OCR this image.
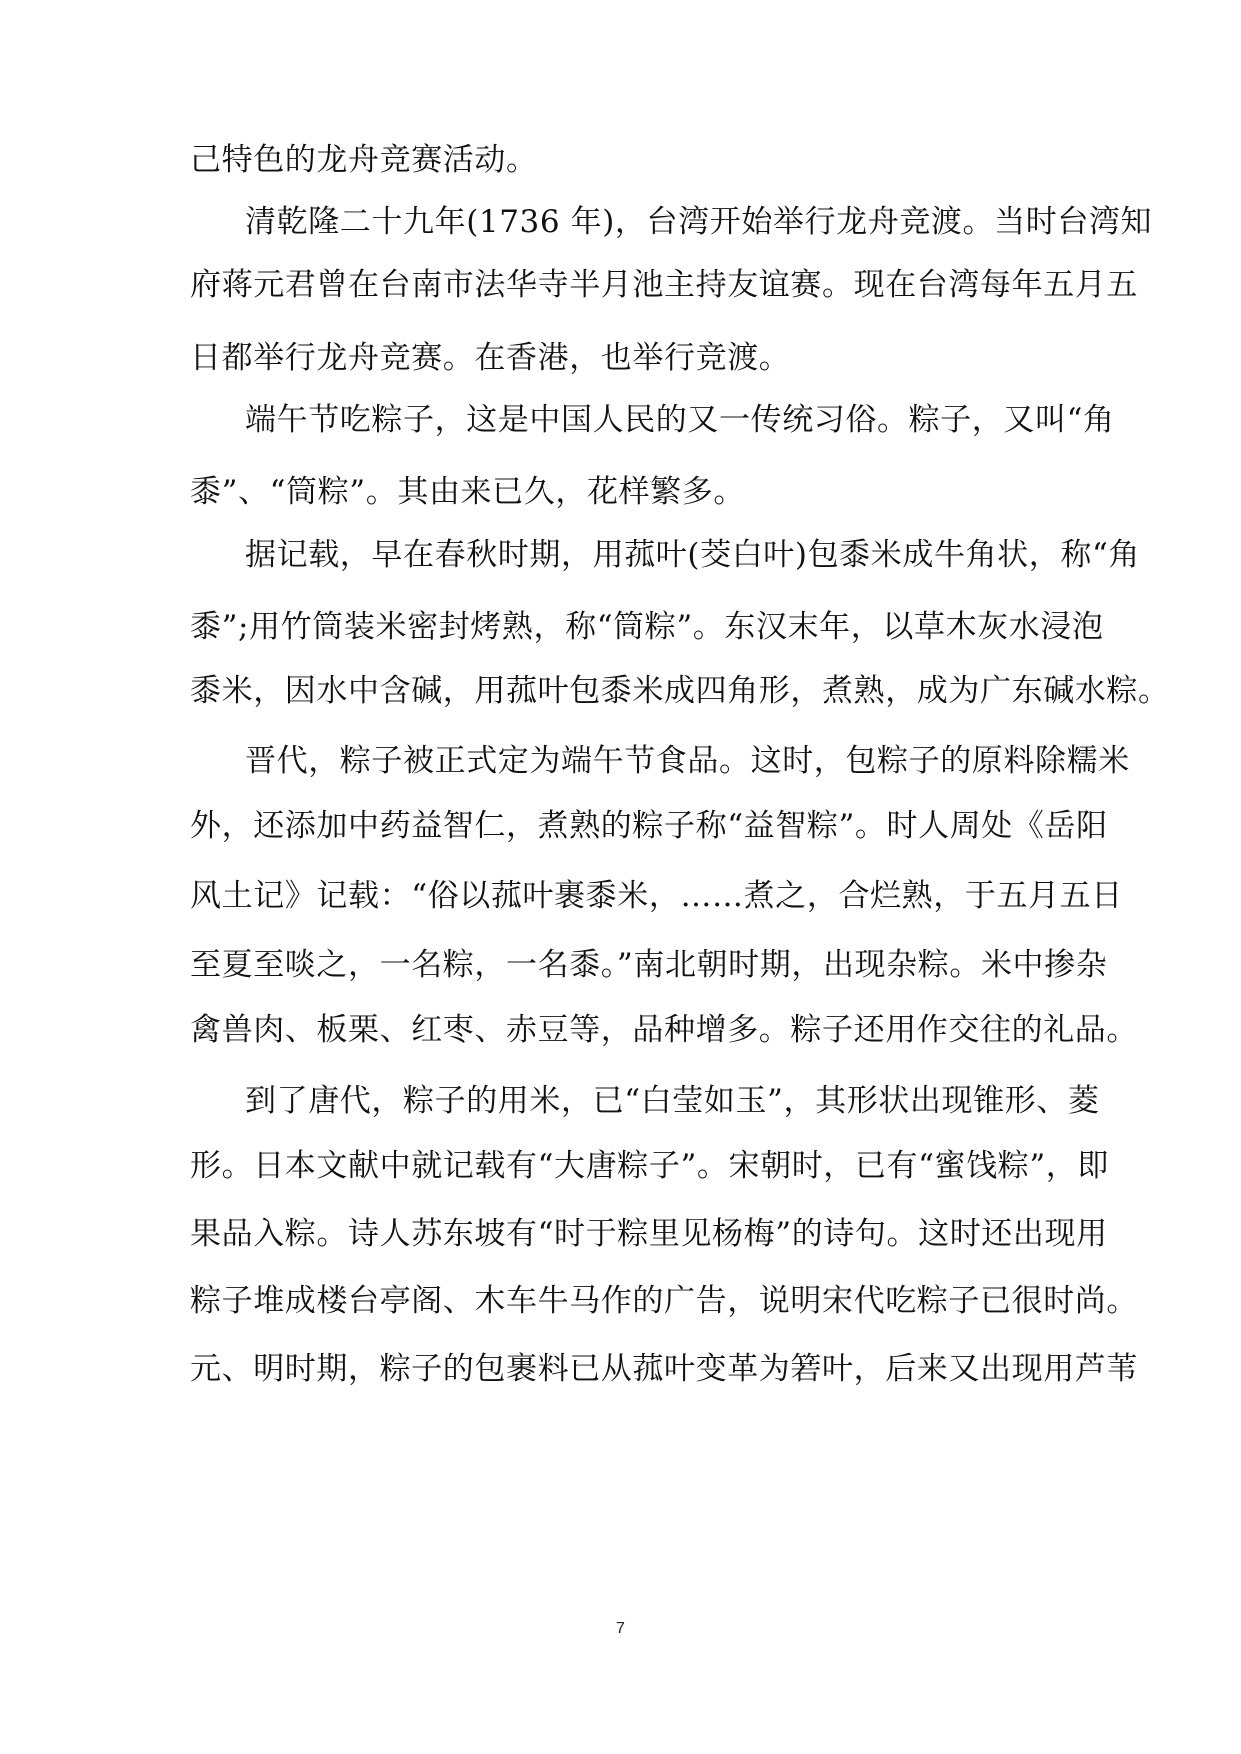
己特色的龙舟竞赛活动。
清乾隆二十九年(1736 年)，台湾开始举行龙舟竞渡。当时台湾知
府蒋元君曾在台南市法华寺半月池主持友谊赛。现在台湾每年五月五
日都举行龙舟竞赛。在香港，也举行竞渡。
端午节吃粽子，这是中国人民的又一传统习俗。粽子，又叫“角
黍”、“筒粽”。其由来已久，花样繁多。
据记载，早在春秋时期，用菰叶(茭白叶)包黍米成牛角状，称“角
黍”;用竹筒装米密封烤熟，称“筒粽”。东汉末年，以草木灰水浸泡
黍米，因水中含碱，用菰叶包黍米成四角形，煮熟，成为广东碱水粽。
晋代，粽子被正式定为端午节食品。这时，包粽子的原料除糯米
外，还添加中药益智仁，煮熟的粽子称“益智粽”。时人周处《岳阳
风土记》记载：“俗以菰叶裹黍米，……煮之，合烂熟，于五月五日
至夏至啖之，一名粽，一名黍。”南北朝时期，出现杂粽。米中掺杂
禽兽肉、板栗、红枣、赤豆等，品种增多。粽子还用作交往的礼品。
到了唐代，粽子的用米，已“白莹如玉”，其形状出现锥形、菱
形。日本文献中就记载有“大唐粽子”。宋朝时，已有“蜜饯粽”，即
果品入粽。诗人苏东坡有“时于粽里见杨梅”的诗句。这时还出现用
粽子堆成楼台亭阁、木车牛马作的广告，说明宋代吃粽子已很时尚。
元、明时期，粽子的包裹料已从菰叶变革为箬叶，后来又出现用芦苇
7
